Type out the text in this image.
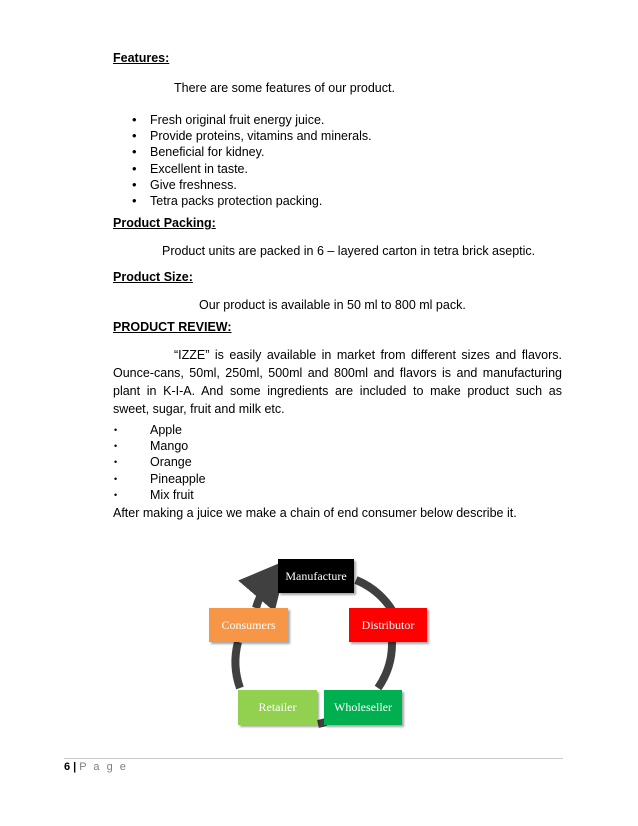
Features:
There are some features of our product.
• Fresh original fruit energy juice.
• Provide proteins, vitamins and minerals.
• Beneficial for kidney.
• Excellent in taste.
• Give freshness.
• Tetra packs protection packing.
Product Packing:
Product units are packed in 6 – layered carton in tetra brick aseptic.
Product Size:
Our product is available in 50 ml to 800 ml pack.
PRODUCT REVIEW:
“IZZE” is easily available in market from different sizes and flavors. Ounce-cans, 50ml, 250ml, 500ml and 800ml and flavors is and manufacturing plant in K-I-A. And some ingredients are included to make product such as sweet, sugar, fruit and milk etc.
• Apple
• Mango
• Orange
• Pineapple
• Mix fruit
After making a juice we make a chain of end consumer below describe it.
Manufacture
Distributor
Wholeseller
Retailer
Consumers
6 | P a g e
